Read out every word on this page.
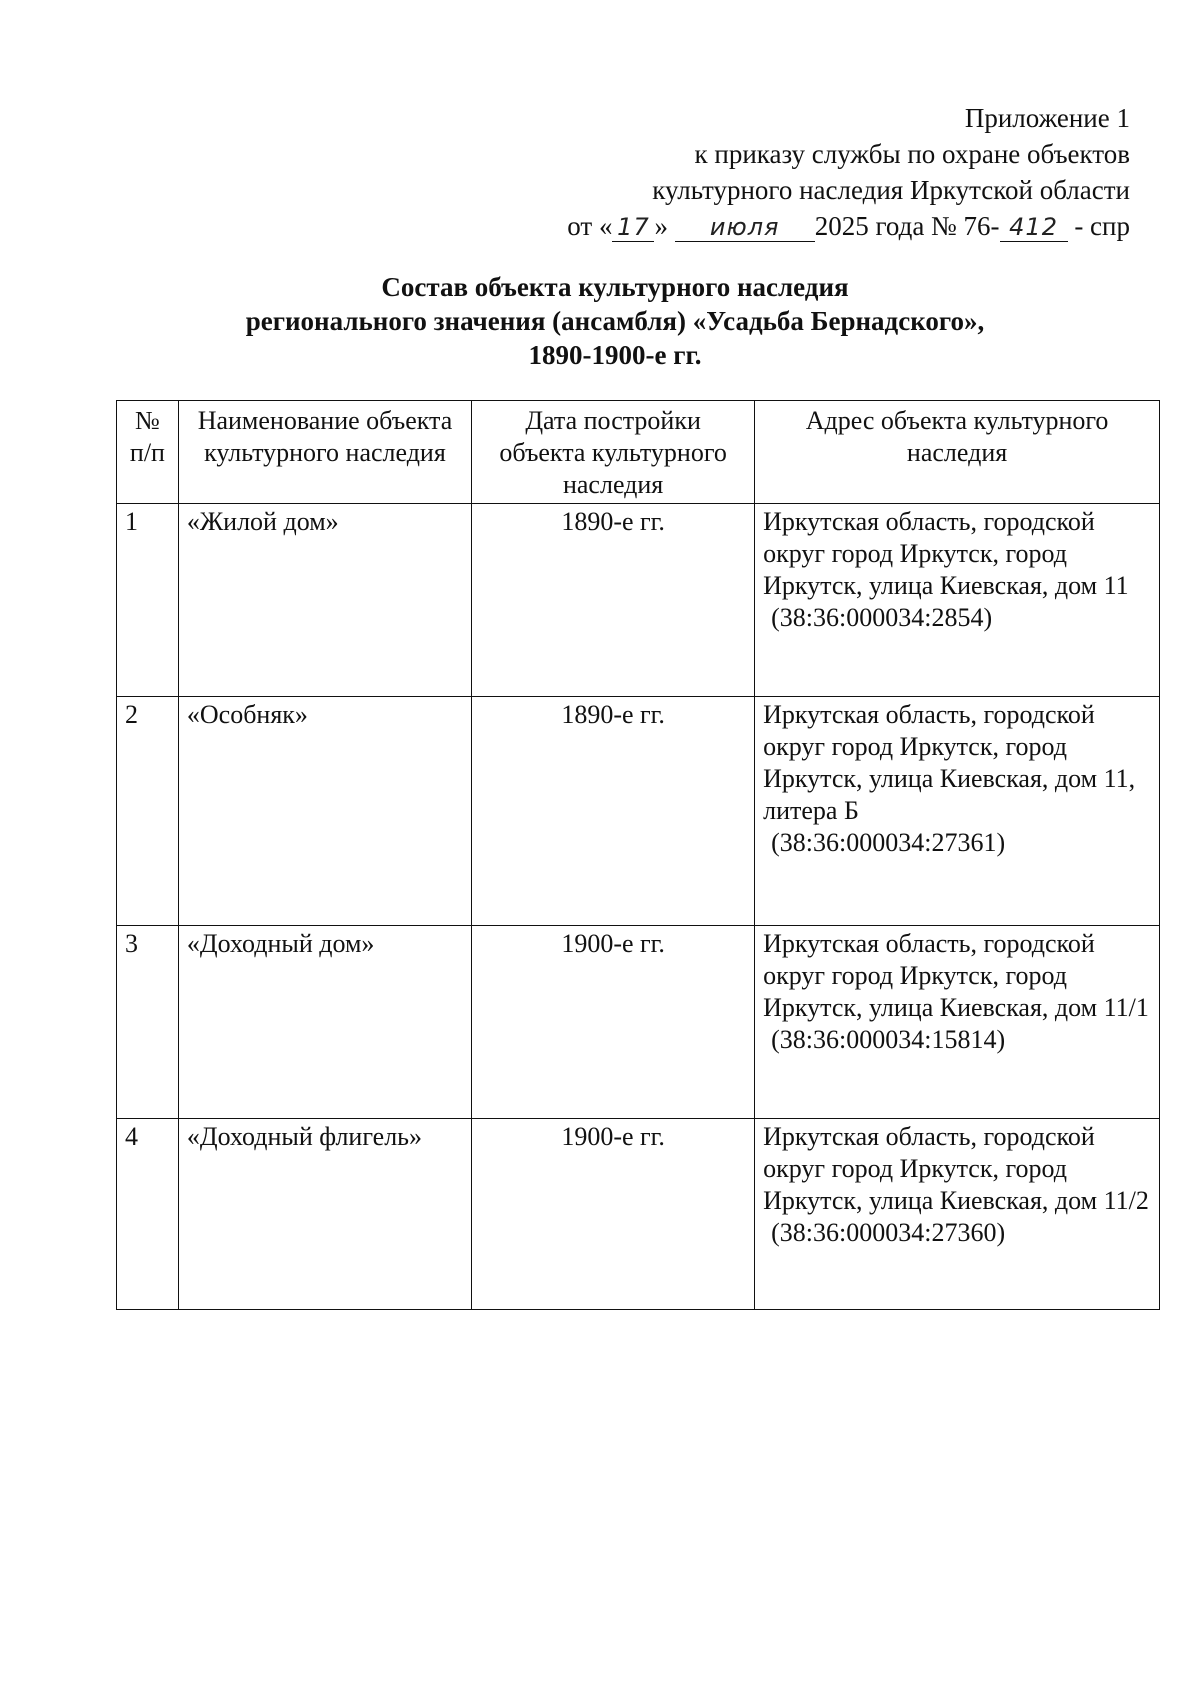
Приложение 1
к приказу службы по охране объектов
культурного наследия Иркутской области
от « 17 » июля 2025 года № 76- 412 - спр
Состав объекта культурного наследия
регионального значения (ансамбля) «Усадьба Бернадского»,
1890-1900-е гг.
№ п/п	Наименование объекта культурного наследия	Дата постройки объекта культурного наследия	Адрес объекта культурного наследия
1	«Жилой дом»	1890-е гг.	Иркутская область, городской округ город Иркутск, город Иркутск, улица Киевская, дом 11
(38:36:000034:2854)

2	«Особняк»	1890-е гг.	Иркутская область, городской округ город Иркутск, город Иркутск, улица Киевская, дом 11, литера Б
(38:36:000034:27361)

3	«Доходный дом»	1900-е гг.	Иркутская область, городской округ город Иркутск, город Иркутск, улица Киевская, дом 11/1
(38:36:000034:15814)

4	«Доходный флигель»	1900-е гг.	Иркутская область, городской округ город Иркутск, город Иркутск, улица Киевская, дом 11/2
(38:36:000034:27360)
